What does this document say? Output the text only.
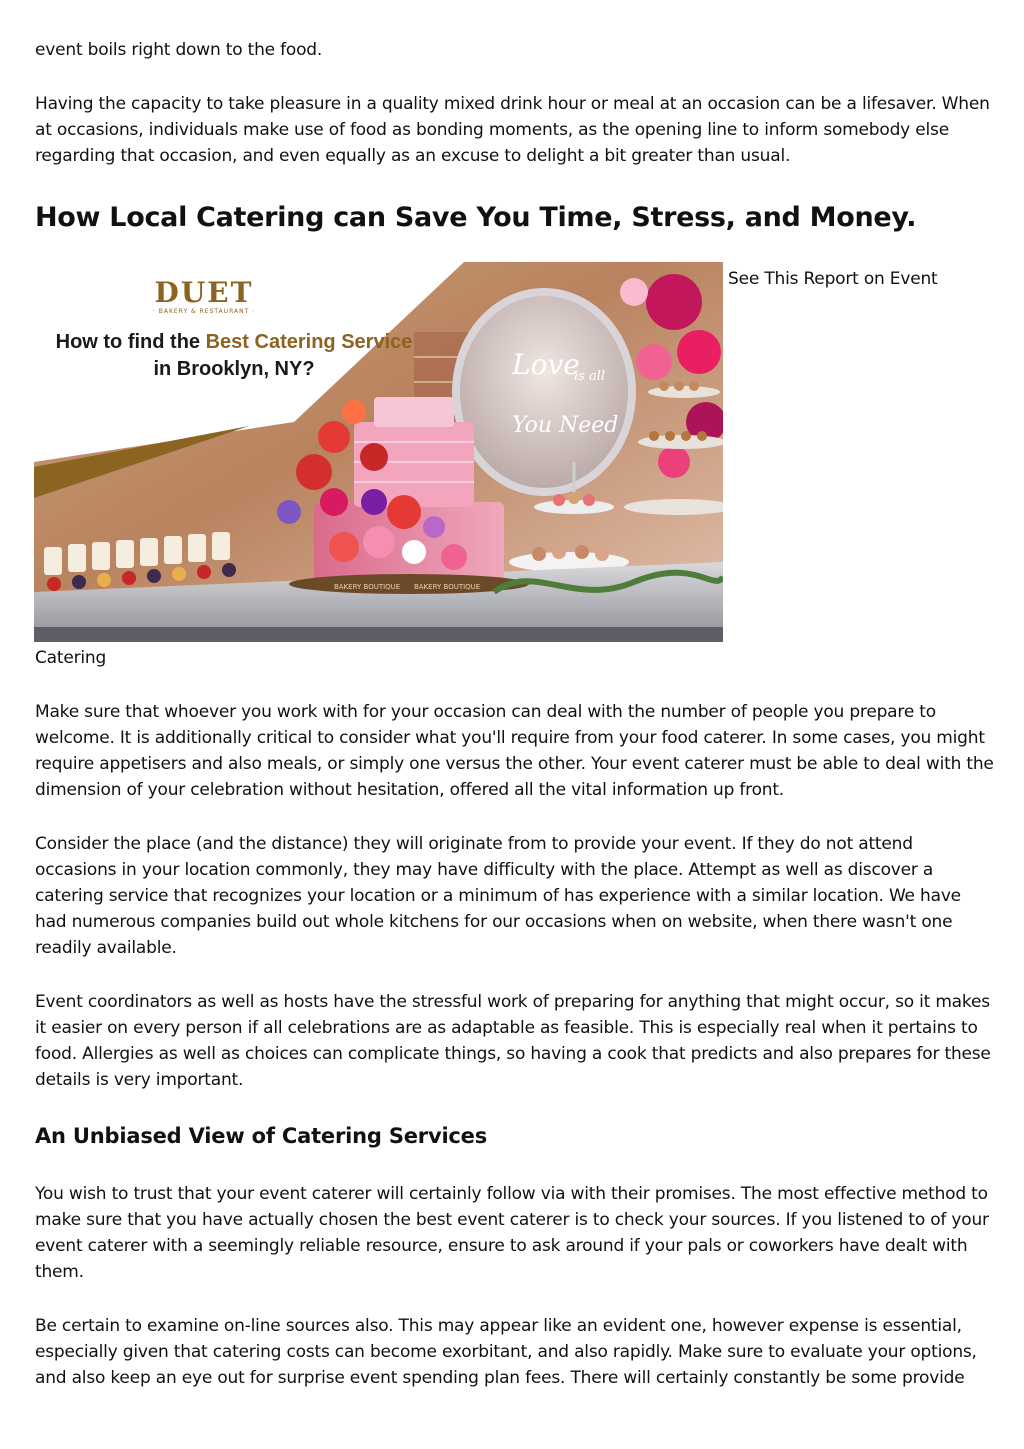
event boils right down to the food.

Having the capacity to take pleasure in a quality mixed drink hour or meal at an occasion can be a lifesaver. When at occasions, individuals make use of food as bonding moments, as the opening line to inform somebody else regarding that occasion, and even equally as an excuse to delight a bit greater than usual.

How Local Catering can Save You Time, Stress, and Money.
Love
is all
You Need
BAKERY BOUTIQUE BAKERY BOUTIQUE
DUET
· BAKERY & RESTAURANT ·
How to find the Best Catering Service
in Brooklyn, NY?

See This Report on Event

Catering

Make sure that whoever you work with for your occasion can deal with the number of people you prepare to welcome. It is additionally critical to consider what you'll require from your food caterer. In some cases, you might require appetisers and also meals, or simply one versus the other. Your event caterer must be able to deal with the dimension of your celebration without hesitation, offered all the vital information up front.

Consider the place (and the distance) they will originate from to provide your event. If they do not attend occasions in your location commonly, they may have difficulty with the place. Attempt as well as discover a catering service that recognizes your location or a minimum of has experience with a similar location. We have had numerous companies build out whole kitchens for our occasions when on website, when there wasn't one readily available.

Event coordinators as well as hosts have the stressful work of preparing for anything that might occur, so it makes it easier on every person if all celebrations are as adaptable as feasible. This is especially real when it pertains to food. Allergies as well as choices can complicate things, so having a cook that predicts and also prepares for these details is very important.

An Unbiased View of Catering Services

You wish to trust that your event caterer will certainly follow via with their promises. The most effective method to make sure that you have actually chosen the best event caterer is to check your sources. If you listened to of your event caterer with a seemingly reliable resource, ensure to ask around if your pals or coworkers have dealt with them.

Be certain to examine on-line sources also. This may appear like an evident one, however expense is essential, especially given that catering costs can become exorbitant, and also rapidly. Make sure to evaluate your options, and also keep an eye out for surprise event spending plan fees. There will certainly constantly be some provide
